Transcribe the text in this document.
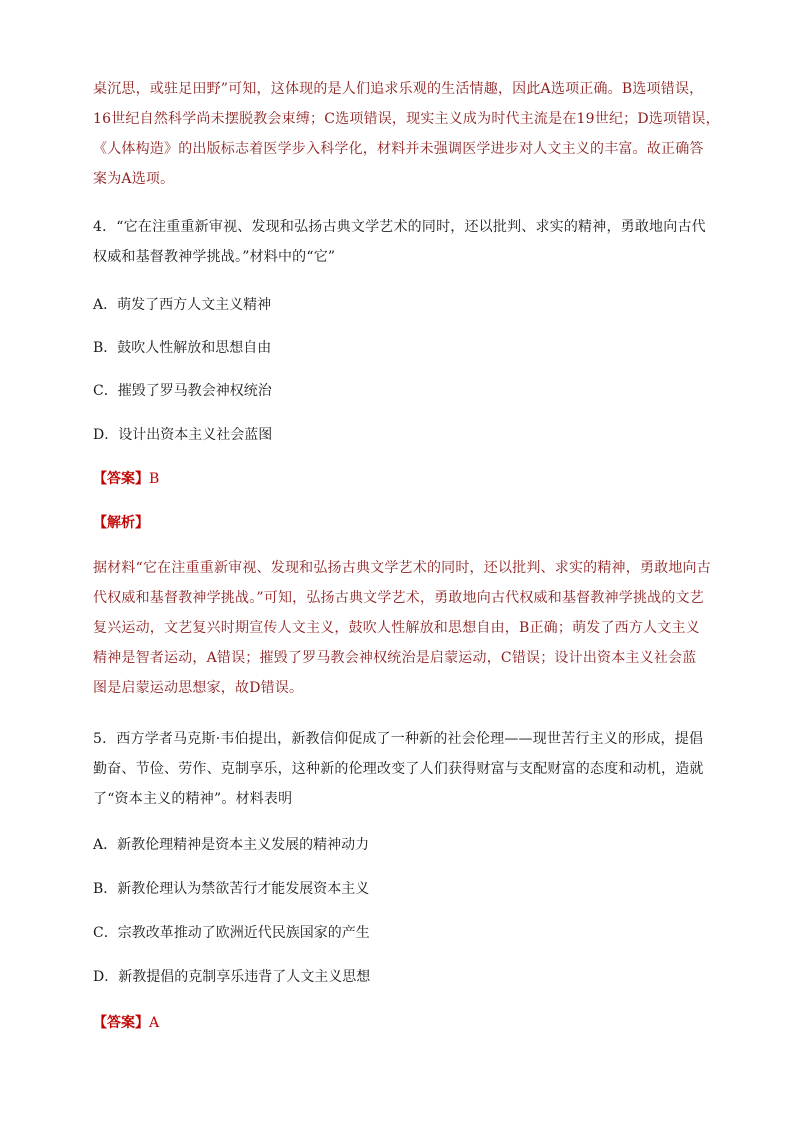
桌沉思，或驻足田野”可知，这体现的是人们追求乐观的生活情趣，因此A选项正确。B选项错误，
16世纪自然科学尚未摆脱教会束缚；C选项错误，现实主义成为时代主流是在19世纪；D选项错误，
《人体构造》的出版标志着医学步入科学化，材料并未强调医学进步对人文主义的丰富。故正确答
案为A选项。
4．“它在注重重新审视、发现和弘扬古典文学艺术的同时，还以批判、求实的精神，勇敢地向古代
权威和基督教神学挑战。”材料中的“它”
A．萌发了西方人文主义精神
B．鼓吹人性解放和思想自由
C．摧毁了罗马教会神权统治
D．设计出资本主义社会蓝图
【答案】B
【解析】
据材料“它在注重重新审视、发现和弘扬古典文学艺术的同时，还以批判、求实的精神，勇敢地向古
代权威和基督教神学挑战。”可知，弘扬古典文学艺术，勇敢地向古代权威和基督教神学挑战的文艺
复兴运动，文艺复兴时期宣传人文主义，鼓吹人性解放和思想自由，B正确；萌发了西方人文主义
精神是智者运动，A错误；摧毁了罗马教会神权统治是启蒙运动，C错误；设计出资本主义社会蓝
图是启蒙运动思想家，故D错误。
5．西方学者马克斯·韦伯提出，新教信仰促成了一种新的社会伦理——现世苦行主义的形成，提倡
勤奋、节俭、劳作、克制享乐，这种新的伦理改变了人们获得财富与支配财富的态度和动机，造就
了“资本主义的精神”。材料表明
A．新教伦理精神是资本主义发展的精神动力
B．新教伦理认为禁欲苦行才能发展资本主义
C．宗教改革推动了欧洲近代民族国家的产生
D．新教提倡的克制享乐违背了人文主义思想
【答案】A
